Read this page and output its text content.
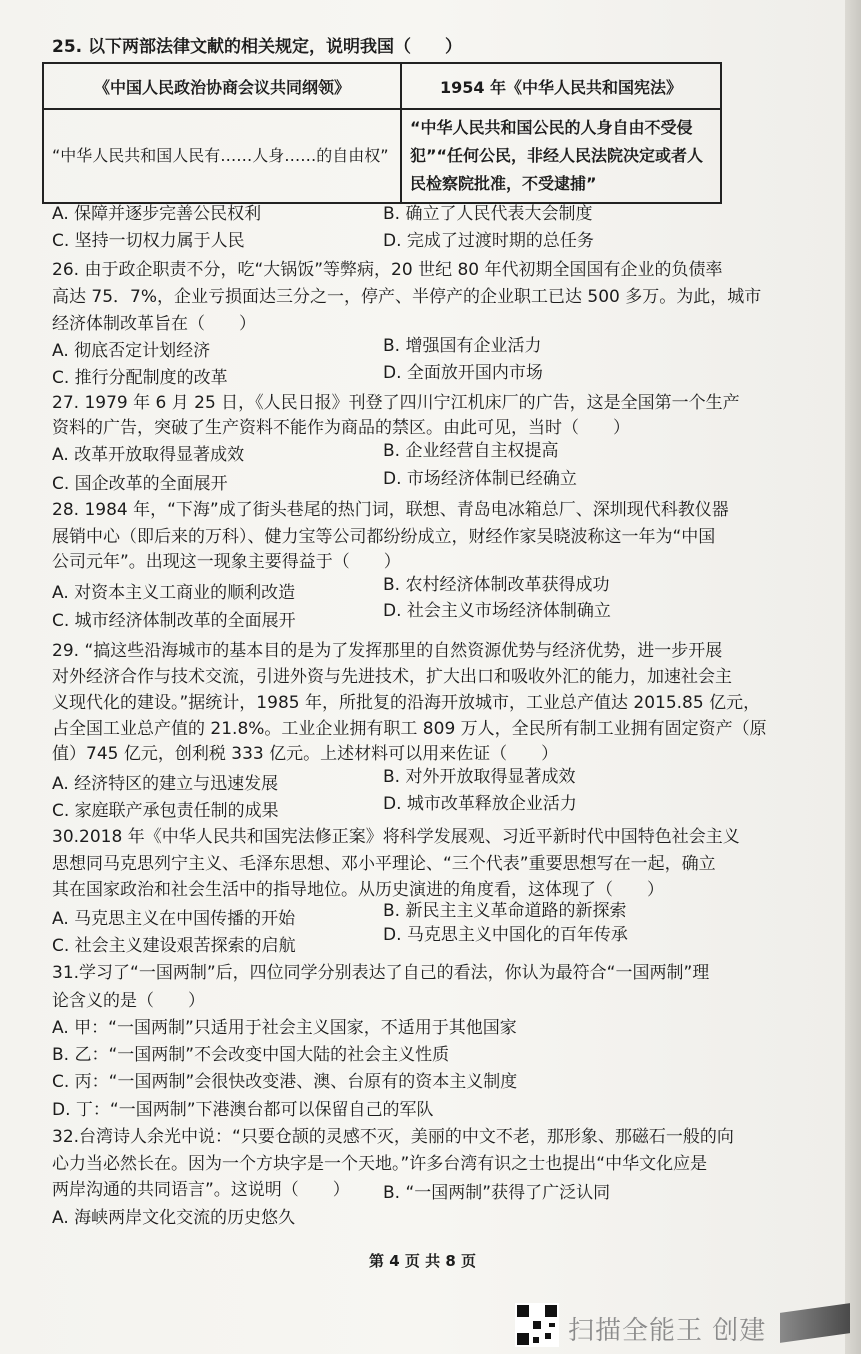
25. 以下两部法律文献的相关规定，说明我国（　　）
《中国人民政治协商会议共同纲领》	1954 年《中华人民共和国宪法》
“中华人民共和国人民有……人身……的自由权”	“中华人民共和国公民的人身自由不受侵犯”“任何公民，非经人民法院决定或者人民检察院批准，不受逮捕”
A. 保障并逐步完善公民权利	B. 确立了人民代表大会制度
C. 坚持一切权力属于人民	D. 完成了过渡时期的总任务
26. 由于政企职责不分，吃“大锅饭”等弊病，20 世纪 80 年代初期全国国有企业的负债率
高达 75．7%，企业亏损面达三分之一，停产、半停产的企业职工已达 500 多万。为此，城市
经济体制改革旨在（　　）
A. 彻底否定计划经济	B. 增强国有企业活力
C. 推行分配制度的改革	D. 全面放开国内市场
27. 1979 年 6 月 25 日，《人民日报》刊登了四川宁江机床厂的广告，这是全国第一个生产
资料的广告，突破了生产资料不能作为商品的禁区。由此可见，当时（　　）
A. 改革开放取得显著成效	B. 企业经营自主权提高
C. 国企改革的全面展开	D. 市场经济体制已经确立
28. 1984 年，“下海”成了街头巷尾的热门词，联想、青岛电冰箱总厂、深圳现代科教仪器
展销中心（即后来的万科）、健力宝等公司都纷纷成立，财经作家吴晓波称这一年为“中国
公司元年”。出现这一现象主要得益于（　　）
A. 对资本主义工商业的顺利改造	B. 农村经济体制改革获得成功
C. 城市经济体制改革的全面展开	D. 社会主义市场经济体制确立
29. “搞这些沿海城市的基本目的是为了发挥那里的自然资源优势与经济优势，进一步开展
对外经济合作与技术交流，引进外资与先进技术，扩大出口和吸收外汇的能力，加速社会主
义现代化的建设。”据统计，1985 年，所批复的沿海开放城市，工业总产值达 2015.85 亿元，
占全国工业总产值的 21.8%。工业企业拥有职工 809 万人，全民所有制工业拥有固定资产（原
值）745 亿元，创利税 333 亿元。上述材料可以用来佐证（　　）
A. 经济特区的建立与迅速发展	B. 对外开放取得显著成效
C. 家庭联产承包责任制的成果	D. 城市改革释放企业活力
30.2018 年《中华人民共和国宪法修正案》将科学发展观、习近平新时代中国特色社会主义
思想同马克思列宁主义、毛泽东思想、邓小平理论、“三个代表”重要思想写在一起，确立
其在国家政治和社会生活中的指导地位。从历史演进的角度看，这体现了（　　）
A. 马克思主义在中国传播的开始	B. 新民主主义革命道路的新探索
C. 社会主义建设艰苦探索的启航
D. 马克思主义中国化的百年传承
31.学习了“一国两制”后，四位同学分别表达了自己的看法，你认为最符合“一国两制”理
论含义的是（　　）
A. 甲：“一国两制”只适用于社会主义国家，不适用于其他国家
B. 乙：“一国两制”不会改变中国大陆的社会主义性质
C. 丙：“一国两制”会很快改变港、澳、台原有的资本主义制度
D. 丁：“一国两制”下港澳台都可以保留自己的军队
32.台湾诗人余光中说：“只要仓颉的灵感不灭，美丽的中文不老，那形象、那磁石一般的向
心力当必然长在。因为一个方块字是一个天地。”许多台湾有识之士也提出“中华文化应是
两岸沟通的共同语言”。这说明（　　）
A. 海峡两岸文化交流的历史悠久
B. “一国两制”获得了广泛认同
第 4 页 共 8 页
扫描全能王 创建
